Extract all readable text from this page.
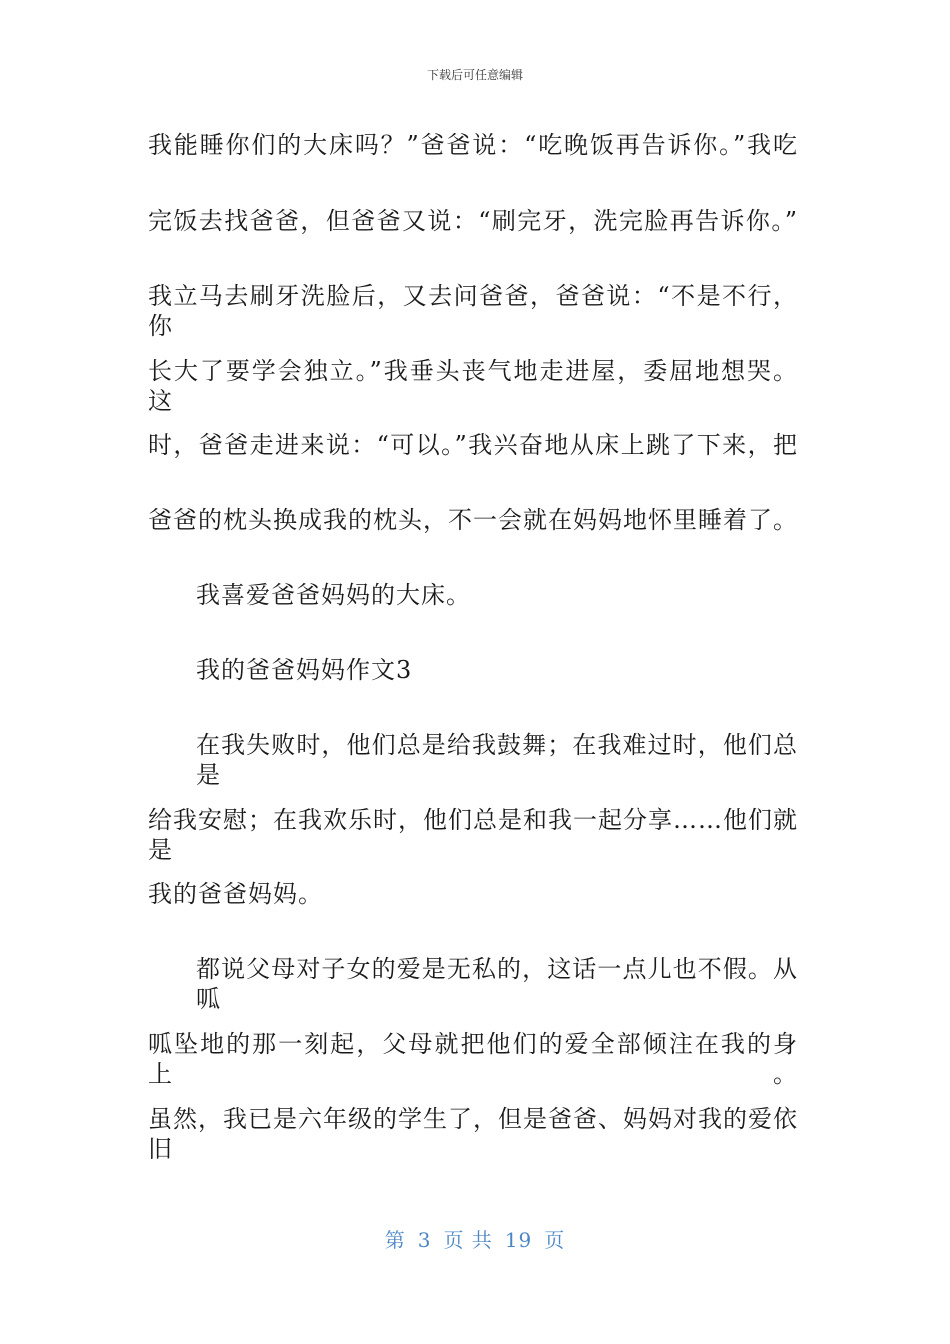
下载后可任意编辑
我能睡你们的大床吗？”爸爸说：“吃晚饭再告诉你。”我吃
完饭去找爸爸，但爸爸又说：“刷完牙，洗完脸再告诉你。”
我立马去刷牙洗脸后，又去问爸爸，爸爸说：“不是不行，你
长大了要学会独立。”我垂头丧气地走进屋，委屈地想哭。这
时，爸爸走进来说：“可以。”我兴奋地从床上跳了下来，把
爸爸的枕头换成我的枕头，不一会就在妈妈地怀里睡着了。
我喜爱爸爸妈妈的大床。
我的爸爸妈妈作文3
在我失败时，他们总是给我鼓舞；在我难过时，他们总是
给我安慰；在我欢乐时，他们总是和我一起分享……他们就是
我的爸爸妈妈。
都说父母对子女的爱是无私的，这话一点儿也不假。从呱
呱坠地的那一刻起，父母就把他们的爱全部倾注在我的身上。
虽然，我已是六年级的学生了，但是爸爸、妈妈对我的爱依旧
第 3 页 共 19 页
